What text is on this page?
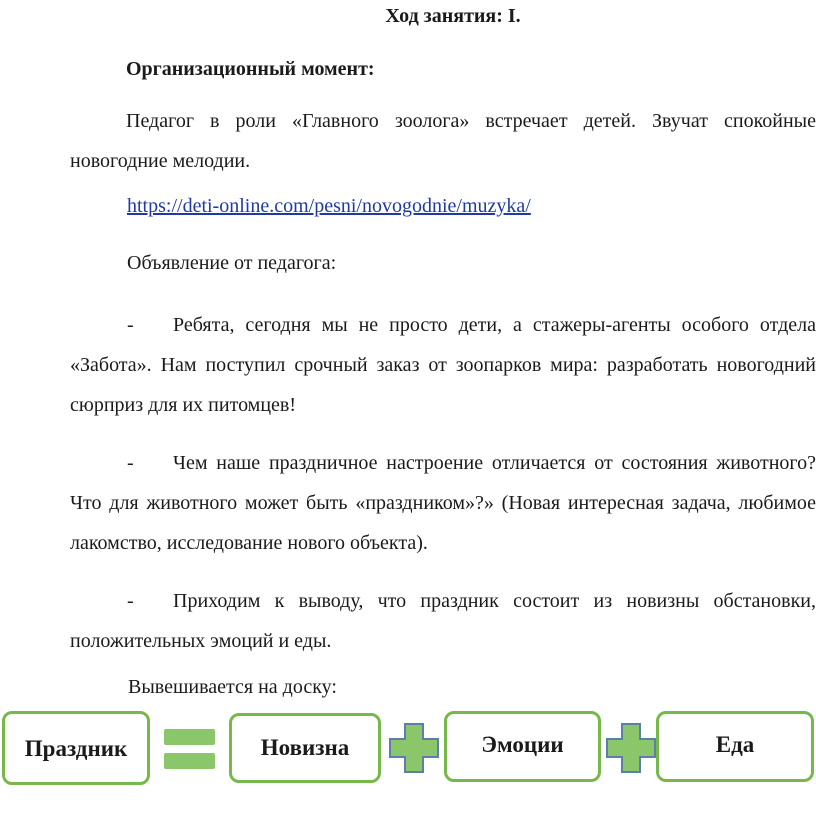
Ход занятия: I.
Организационный момент:
Педагог в роли «Главного зоолога» встречает детей. Звучат спокойные новогодние мелодии.
https://deti-online.com/pesni/novogodnie/muzyka/
Объявление от педагога:
- Ребята, сегодня мы не просто дети, а стажеры-агенты особого отдела «Забота». Нам поступил срочный заказ от зоопарков мира: разработать новогодний сюрприз для их питомцев!
- Чем наше праздничное настроение отличается от состояния животного? Что для животного может быть «праздником»?» (Новая интересная задача, любимое лакомство, исследование нового объекта).
- Приходим к выводу, что праздник состоит из новизны обстановки, положительных эмоций и еды.
Вывешивается на доску:
Праздник	Новизна	Эмоции	Еда
